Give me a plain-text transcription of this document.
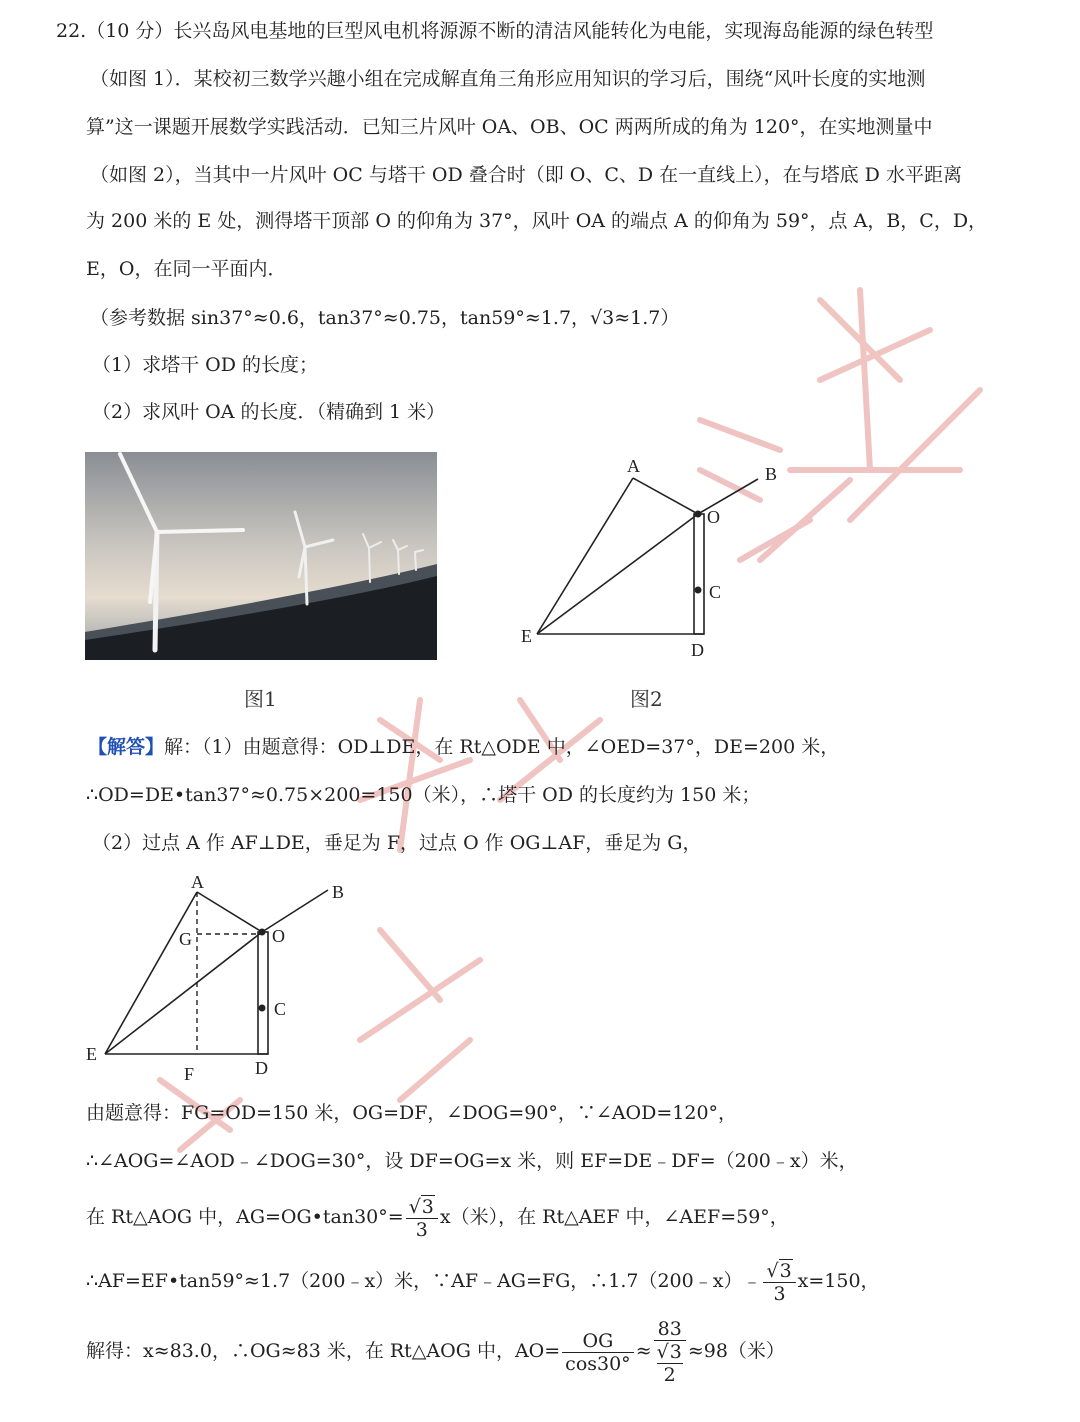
22.（10 分）长兴岛风电基地的巨型风电机将源源不断的清洁风能转化为电能，实现海岛能源的绿色转型
（如图 1）．某校初三数学兴趣小组在完成解直角三角形应用知识的学习后，围绕“风叶长度的实地测
算”这一课题开展数学实践活动．已知三片风叶 OA、OB、OC 两两所成的角为 120°，在实地测量中
（如图 2），当其中一片风叶 OC 与塔干 OD 叠合时（即 O、C、D 在一直线上），在与塔底 D 水平距离
为 200 米的 E 处，测得塔干顶部 O 的仰角为 37°，风叶 OA 的端点 A 的仰角为 59°，点 A，B，C，D，
E，O，在同一平面内．
（参考数据 sin37°≈0.6，tan37°≈0.75，tan59°≈1.7，√3≈1.7）
（1）求塔干 OD 的长度；
（2）求风叶 OA 的长度．（精确到 1 米）
图1
A	B
O
C
E
D
图2
【解答】解：（1）由题意得：OD⊥DE，在 Rt△ODE 中，∠OED=37°，DE=200 米，
∴OD=DE•tan37°≈0.75×200=150（米），∴塔干 OD 的长度约为 150 米；
（2）过点 A 作 AF⊥DE，垂足为 F，过点 O 作 OG⊥AF，垂足为 G，
A	B
G	O
C
E
D
F
由题意得：FG=OD=150 米，OG=DF，∠DOG=90°，∵∠AOD=120°，
∴∠AOG=∠AOD﹣∠DOG=30°，设 DF=OG=x 米，则 EF=DE﹣DF=（200﹣x）米，
在 Rt△AOG 中，AG=OG•tan30°= $\frac{√3}{3} x$（米），在 Rt△AEF 中，∠AEF=59°，
∴AF=EF•tan59°≈1.7（200﹣x）米，∵AF﹣AG=FG，∴1.7（200﹣x）﹣ $\frac{√3}{3} x=150$，
解得：x≈83.0，∴OG≈83 米，在 Rt△AOG 中，$AO= \frac{OG}{\cos 30^\circ} \approx 83$
√3
2 ≈98（米）
